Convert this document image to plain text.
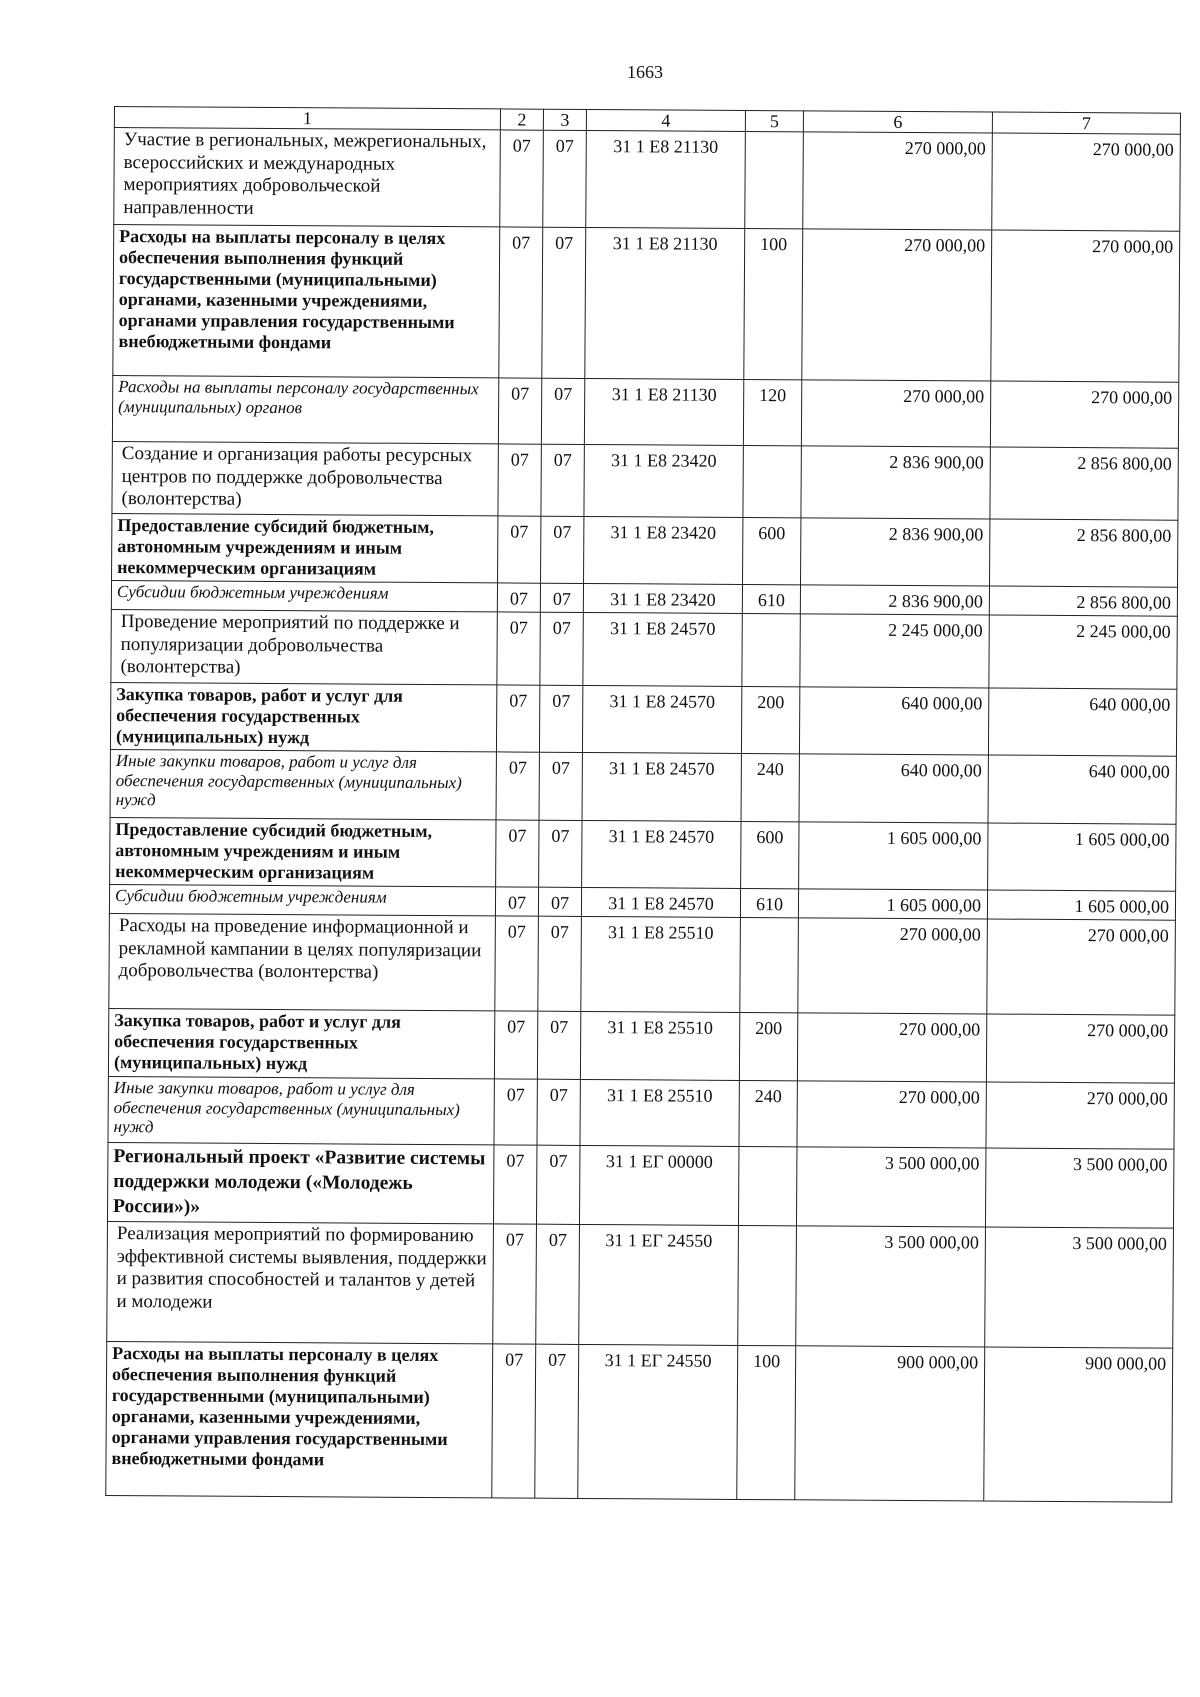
1663
1	2	3	4	5	6	7
Участие в региональных, межрегиональных, всероссийских и международных мероприятиях добровольческой направленности	07	07	31 1 E8 21130		270 000,00	270 000,00
Расходы на выплаты персоналу в целях обеспечения выполнения функций государственными (муниципальными) органами, казенными учреждениями, органами управления государственными внебюджетными фондами	07	07	31 1 E8 21130	100	270 000,00	270 000,00
Расходы на выплаты персоналу государственных (муниципальных) органов	07	07	31 1 E8 21130	120	270 000,00	270 000,00
Создание и организация работы ресурсных центров по поддержке добровольчества (волонтерства)	07	07	31 1 E8 23420		2 836 900,00	2 856 800,00
Предоставление субсидий бюджетным, автономным учреждениям и иным некоммерческим организациям	07	07	31 1 E8 23420	600	2 836 900,00	2 856 800,00
Субсидии бюджетным учреждениям	07	07	31 1 E8 23420	610	2 836 900,00	2 856 800,00
Проведение мероприятий по поддержке и популяризации добровольчества (волонтерства)	07	07	31 1 E8 24570		2 245 000,00	2 245 000,00
Закупка товаров, работ и услуг для обеспечения государственных (муниципальных) нужд	07	07	31 1 E8 24570	200	640 000,00	640 000,00
Иные закупки товаров, работ и услуг для обеспечения государственных (муниципальных) нужд	07	07	31 1 E8 24570	240	640 000,00	640 000,00
Предоставление субсидий бюджетным, автономным учреждениям и иным некоммерческим организациям	07	07	31 1 E8 24570	600	1 605 000,00	1 605 000,00
Субсидии бюджетным учреждениям	07	07	31 1 E8 24570	610	1 605 000,00	1 605 000,00
Расходы на проведение информационной и рекламной кампании в целях популяризации добровольчества (волонтерства)	07	07	31 1 E8 25510		270 000,00	270 000,00
Закупка товаров, работ и услуг для обеспечения государственных (муниципальных) нужд	07	07	31 1 E8 25510	200	270 000,00	270 000,00
Иные закупки товаров, работ и услуг для обеспечения государственных (муниципальных) нужд	07	07	31 1 E8 25510	240	270 000,00	270 000,00
Региональный проект «Развитие системы поддержки молодежи («Молодежь России»)»	07	07	31 1 ЕГ 00000		3 500 000,00	3 500 000,00
Реализация мероприятий по формированию эффективной системы выявления, поддержки и развития способностей и талантов у детей и молодежи	07	07	31 1 ЕГ 24550		3 500 000,00	3 500 000,00
Расходы на выплаты персоналу в целях обеспечения выполнения функций государственными (муниципальными) органами, казенными учреждениями, органами управления государственными внебюджетными фондами	07	07	31 1 ЕГ 24550	100	900 000,00	900 000,00
